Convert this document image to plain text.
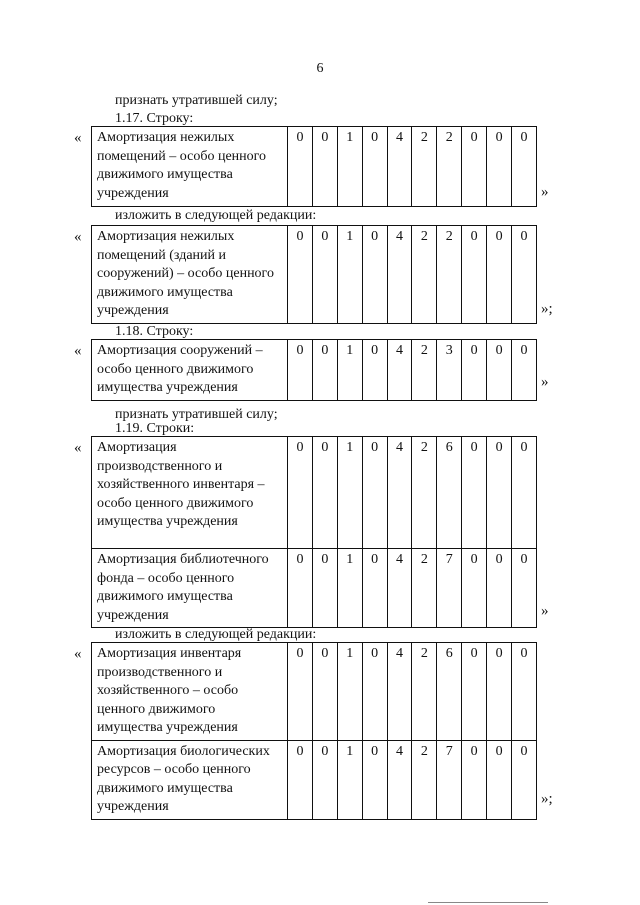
6
признать утратившей силу;
1.17. Строку:
« Амортизация нежилых помещений – особо ценного движимого имущества учреждения	0	0	1	0	4	2	2	0	0	0
»
изложить в следующей редакции:
« Амортизация нежилых помещений (зданий и сооружений) – особо ценного движимого имущества учреждения	0	0	1	0	4	2	2	0	0	0
»;
1.18. Строку:
« Амортизация сооружений – особо ценного движимого имущества учреждения	0	0	1	0	4	2	3	0	0	0
»
признать утратившей силу;
1.19. Строки:
« Амортизация производственного и хозяйственного инвентаря – особо ценного движимого имущества учреждения	0	0	1	0	4	2	6	0	0	0
Амортизация библиотечного фонда – особо ценного движимого имущества учреждения	0	0	1	0	4	2	7	0	0	0
»
изложить в следующей редакции:
« Амортизация инвентаря производственного и хозяйственного – особо ценного движимого имущества учреждения	0	0	1	0	4	2	6	0	0	0
Амортизация биологических ресурсов – особо ценного движимого имущества учреждения	0	0	1	0	4	2	7	0	0	0
»;
